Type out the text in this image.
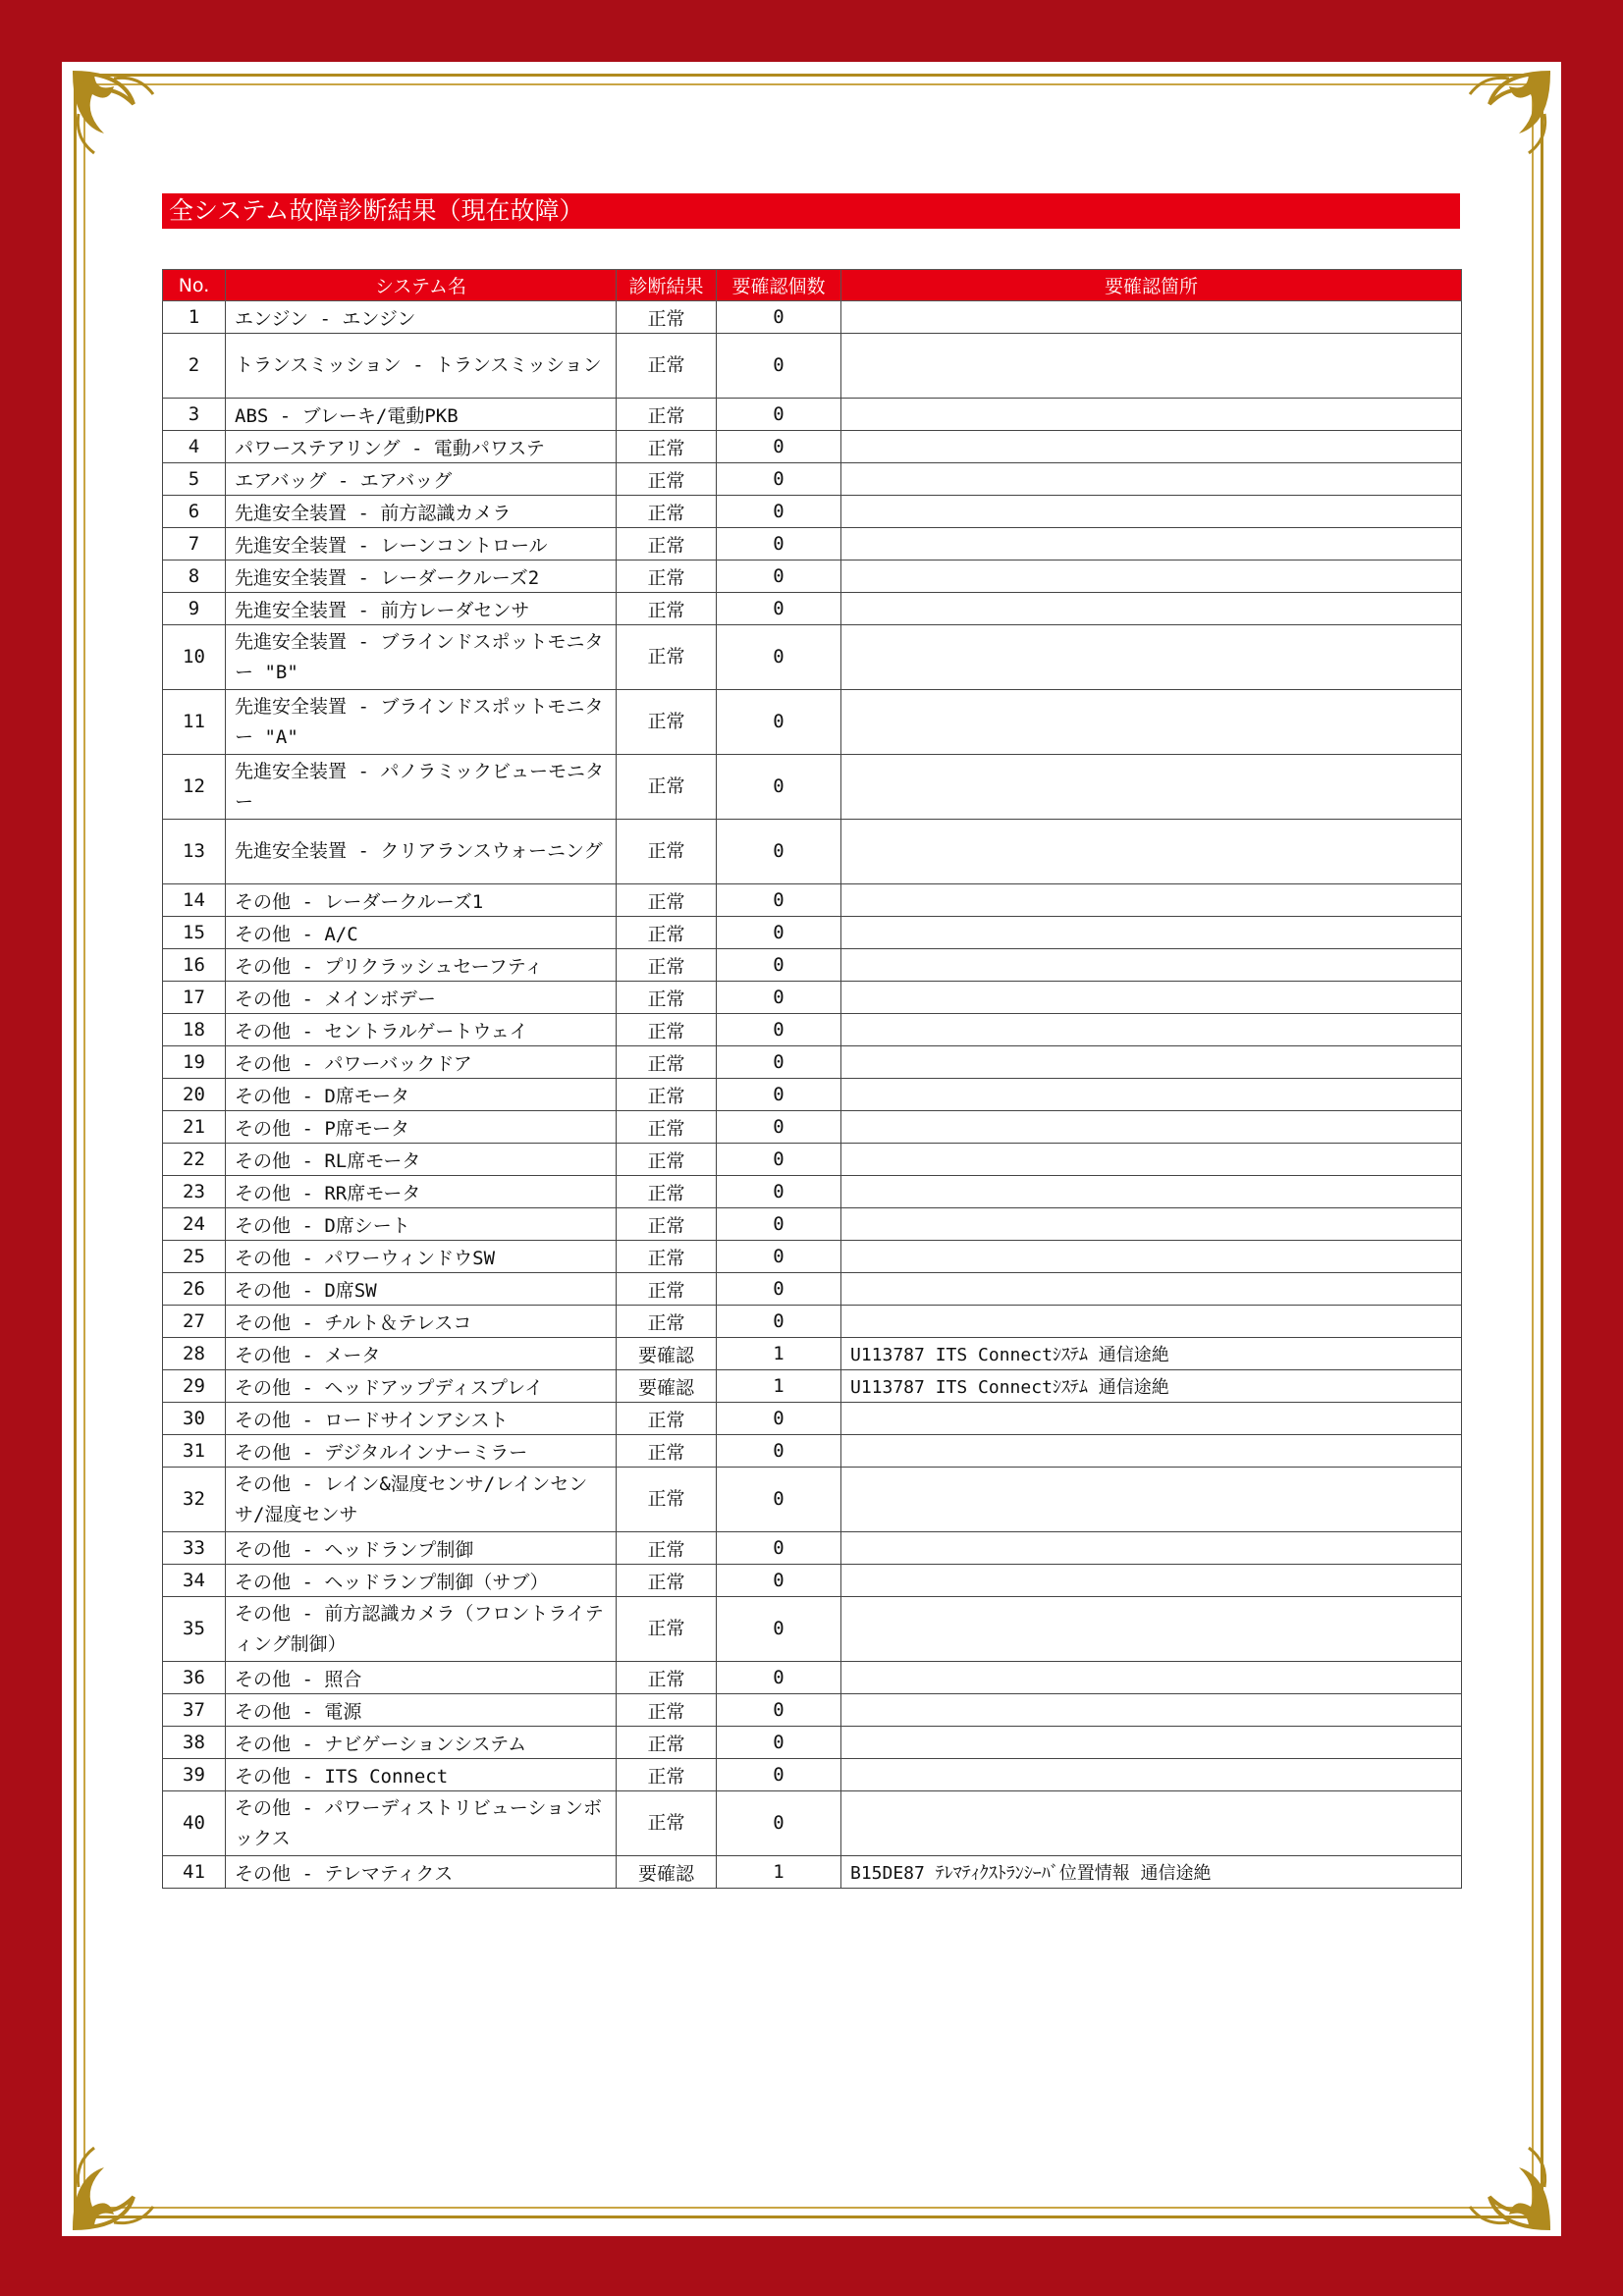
全システム故障診断結果（現在故障）
No.	システム名	診断結果	要確認個数	要確認箇所
1	エンジン - エンジン	正常	0	
2	トランスミッション - トランスミッション	正常	0	
3	ABS - ブレーキ/電動PKB	正常	0	
4	パワーステアリング - 電動パワステ	正常	0	
5	エアバッグ - エアバッグ	正常	0	
6	先進安全装置 - 前方認識カメラ	正常	0	
7	先進安全装置 - レーンコントロール	正常	0	
8	先進安全装置 - レーダークルーズ2	正常	0	
9	先進安全装置 - 前方レーダセンサ	正常	0	
10	先進安全装置 - ブラインドスポットモニター "B"	正常	0	
11	先進安全装置 - ブラインドスポットモニター "A"	正常	0	
12	先進安全装置 - パノラミックビューモニター	正常	0	
13	先進安全装置 - クリアランスウォーニング	正常	0	
14	その他 - レーダークルーズ1	正常	0	
15	その他 - A/C	正常	0	
16	その他 - プリクラッシュセーフティ	正常	0	
17	その他 - メインボデー	正常	0	
18	その他 - セントラルゲートウェイ	正常	0	
19	その他 - パワーバックドア	正常	0	
20	その他 - D席モータ	正常	0	
21	その他 - P席モータ	正常	0	
22	その他 - RL席モータ	正常	0	
23	その他 - RR席モータ	正常	0	
24	その他 - D席シート	正常	0	
25	その他 - パワーウィンドウSW	正常	0	
26	その他 - D席SW	正常	0	
27	その他 - チルト＆テレスコ	正常	0	
28	その他 - メータ	要確認	1	U113787 ITS Connectｼｽﾃﾑ 通信途絶
29	その他 - ヘッドアップディスプレイ	要確認	1	U113787 ITS Connectｼｽﾃﾑ 通信途絶
30	その他 - ロードサインアシスト	正常	0	
31	その他 - デジタルインナーミラー	正常	0	
32	その他 - レイン&湿度センサ/レインセンサ/湿度センサ	正常	0	
33	その他 - ヘッドランプ制御	正常	0	
34	その他 - ヘッドランプ制御（サブ）	正常	0	
35	その他 - 前方認識カメラ（フロントライティング制御）	正常	0	
36	その他 - 照合	正常	0	
37	その他 - 電源	正常	0	
38	その他 - ナビゲーションシステム	正常	0	
39	その他 - ITS Connect	正常	0	
40	その他 - パワーディストリビューションボックス	正常	0	
41	その他 - テレマティクス	要確認	1	B15DE87 ﾃﾚﾏﾃｨｸｽﾄﾗﾝｼｰﾊﾞ位置情報 通信途絶
